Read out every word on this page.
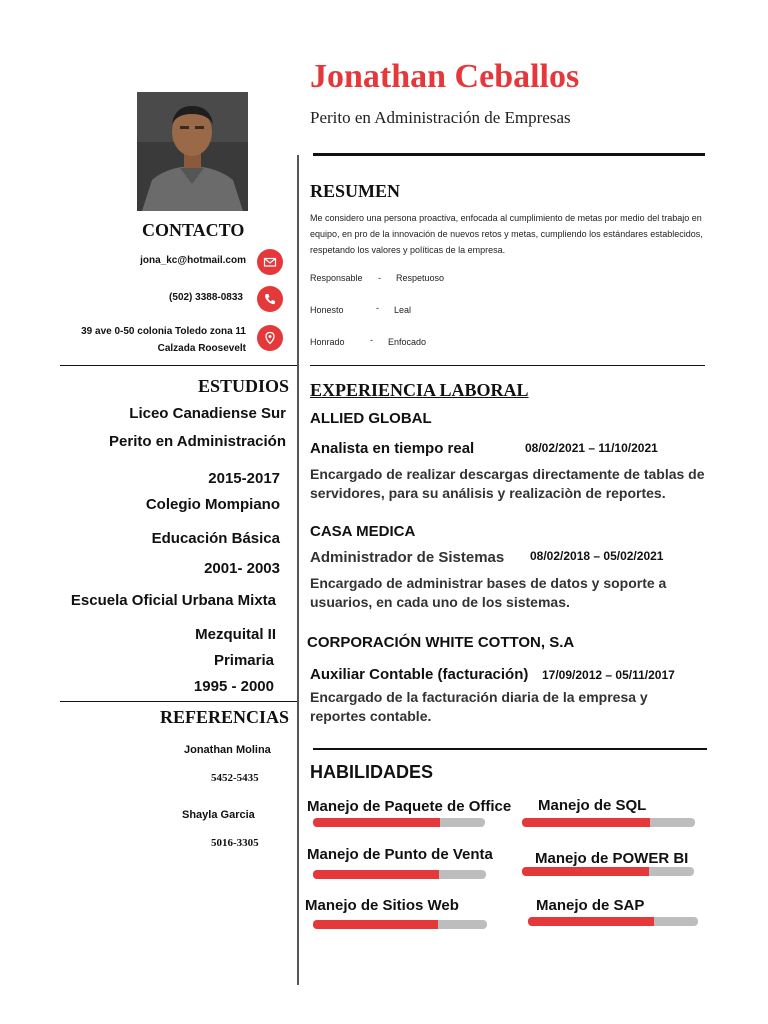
Jonathan Ceballos
Perito en Administración de Empresas
CONTACTO
jona_kc@hotmail.com
(502) 3388-0833
39 ave 0-50 colonia Toledo zona 11
Calzada Roosevelt
ESTUDIOS
Liceo Canadiense Sur
Perito en Administración
2015-2017
Colegio Mompiano
Educación Básica
2001- 2003
Escuela Oficial Urbana Mixta
Mezquital II
Primaria
1995 - 2000
REFERENCIAS
Jonathan Molina
5452-5435
Shayla Garcia
5016-3305
RESUMEN
Me considero una persona proactiva, enfocada al cumplimiento de metas por medio del trabajo en equipo, en pro de la innovación de nuevos retos y metas, cumpliendo los estándares establecidos, respetando los valores y políticas de la empresa.
Responsable - Respetuoso
Honesto	- Leal
Honrado	- Enfocado
EXPERIENCIA LABORAL
ALLIED GLOBAL
Analista en tiempo real	08/02/2021 – 11/10/2021
Encargado de realizar descargas directamente de tablas de servidores, para su análisis y realizaciòn de reportes.
CASA MEDICA
Administrador de Sistemas 08/02/2018 – 05/02/2021
Encargado de administrar bases de datos y soporte a usuarios, en cada uno de los sistemas.
CORPORACIÓN WHITE COTTON, S.A
Auxiliar Contable (facturación) 17/09/2012 – 05/11/2017
Encargado de la facturación diaria de la empresa y reportes contable.
HABILIDADES
Manejo de Paquete de Office Manejo de SQL
Manejo de Punto de Venta	Manejo de POWER BI
Manejo de Sitios Web	Manejo de SAP
